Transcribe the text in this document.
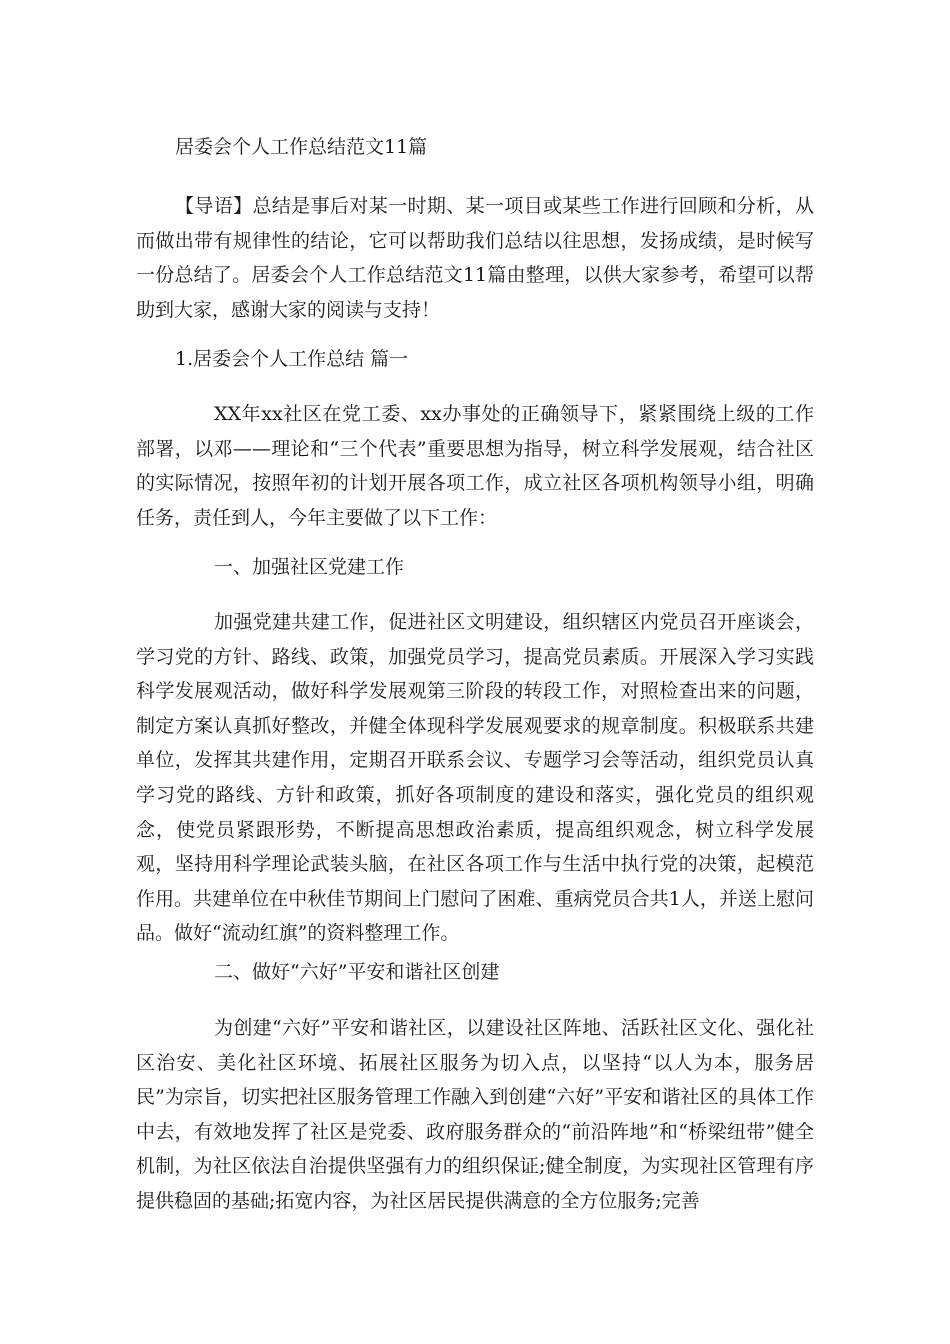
居委会个人工作总结范文11篇
【导语】总结是事后对某一时期、某一项目或某些工作进行回顾和分析，从而做出带有规律性的结论，它可以帮助我们总结以往思想，发扬成绩，是时候写一份总结了。居委会个人工作总结范文11篇由整理，以供大家参考，希望可以帮助到大家，感谢大家的阅读与支持！
1.居委会个人工作总结 篇一
XX年xx社区在党工委、xx办事处的正确领导下，紧紧围绕上级的工作部署，以邓——理论和“三个代表”重要思想为指导，树立科学发展观，结合社区的实际情况，按照年初的计划开展各项工作，成立社区各项机构领导小组，明确任务，责任到人，今年主要做了以下工作：
一、加强社区党建工作
加强党建共建工作，促进社区文明建设，组织辖区内党员召开座谈会，学习党的方针、路线、政策，加强党员学习，提高党员素质。开展深入学习实践科学发展观活动，做好科学发展观第三阶段的转段工作，对照检查出来的问题，制定方案认真抓好整改，并健全体现科学发展观要求的规章制度。积极联系共建单位，发挥其共建作用，定期召开联系会议、专题学习会等活动，组织党员认真学习党的路线、方针和政策，抓好各项制度的建设和落实，强化党员的组织观念，使党员紧跟形势，不断提高思想政治素质，提高组织观念，树立科学发展观，坚持用科学理论武装头脑，在社区各项工作与生活中执行党的决策，起模范作用。共建单位在中秋佳节期间上门慰问了困难、重病党员合共1人，并送上慰问品。做好“流动红旗”的资料整理工作。
二、做好“六好”平安和谐社区创建
为创建“六好”平安和谐社区，以建设社区阵地、活跃社区文化、强化社区治安、美化社区环境、拓展社区服务为切入点，以坚持“以人为本，服务居民”为宗旨，切实把社区服务管理工作融入到创建“六好”平安和谐社区的具体工作中去，有效地发挥了社区是党委、政府服务群众的“前沿阵地”和“桥梁纽带”健全机制，为社区依法自治提供坚强有力的组织保证;健全制度，为实现社区管理有序提供稳固的基础;拓宽内容，为社区居民提供满意的全方位服务;完善
